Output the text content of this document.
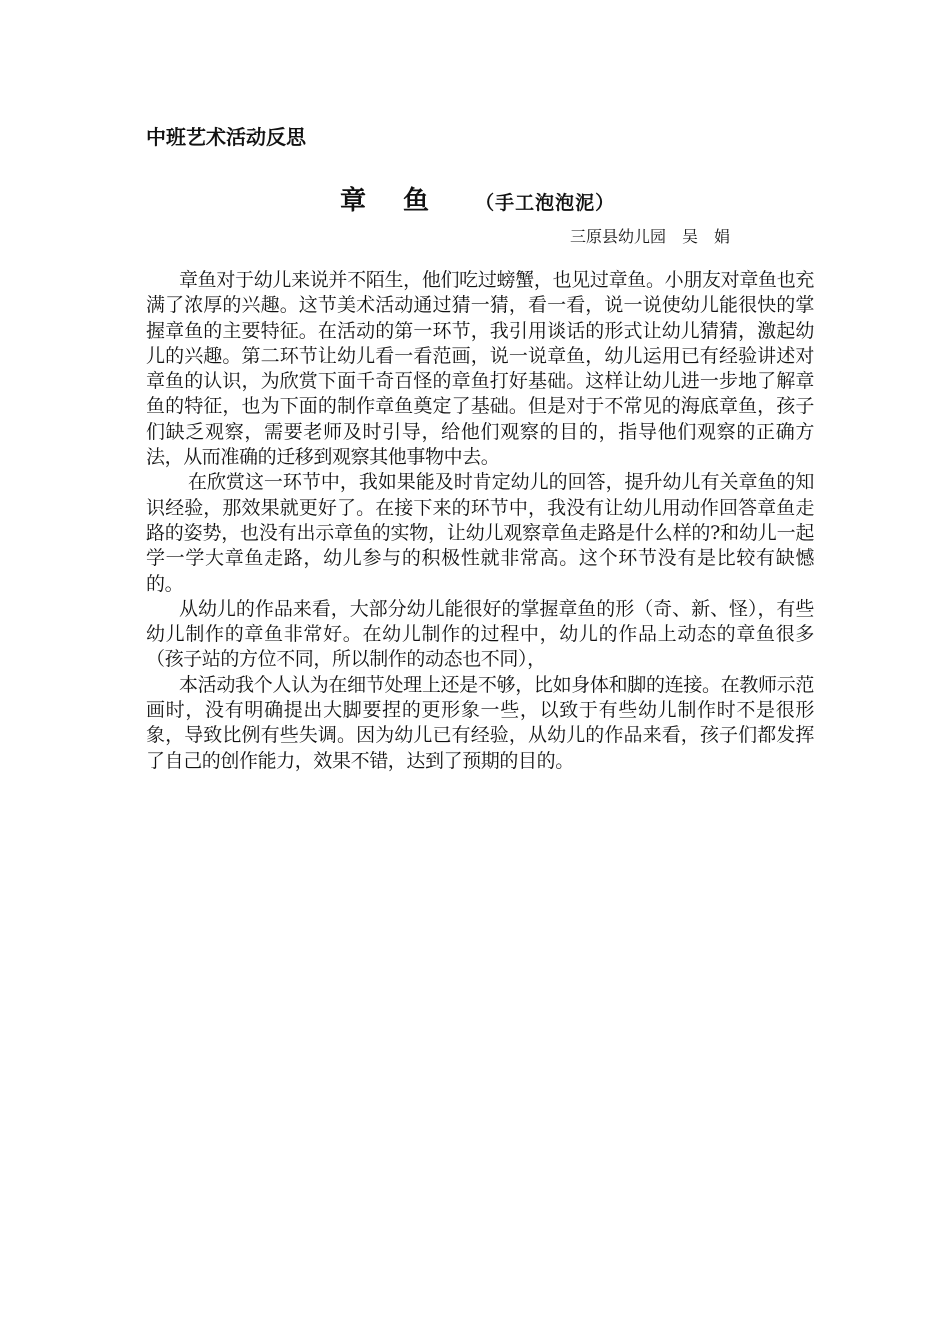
中班艺术活动反思
章 鱼 （手工泡泡泥）
三原县幼儿园　吴　娟

章鱼对于幼儿来说并不陌生，他们吃过螃蟹，也见过章鱼。小朋友对章鱼也充满了浓厚的兴趣。这节美术活动通过猜一猜，看一看，说一说使幼儿能很快的掌握章鱼的主要特征。在活动的第一环节，我引用谈话的形式让幼儿猜猜，激起幼儿的兴趣。第二环节让幼儿看一看范画，说一说章鱼，幼儿运用已有经验讲述对章鱼的认识，为欣赏下面千奇百怪的章鱼打好基础。这样让幼儿进一步地了解章鱼的特征，也为下面的制作章鱼奠定了基础。但是对于不常见的海底章鱼，孩子们缺乏观察，需要老师及时引导，给他们观察的目的，指导他们观察的正确方法，从而准确的迁移到观察其他事物中去。

在欣赏这一环节中，我如果能及时肯定幼儿的回答，提升幼儿有关章鱼的知识经验，那效果就更好了。在接下来的环节中，我没有让幼儿用动作回答章鱼走路的姿势，也没有出示章鱼的实物，让幼儿观察章鱼走路是什么样的?和幼儿一起学一学大章鱼走路，幼儿参与的积极性就非常高。这个环节没有是比较有缺憾的。

从幼儿的作品来看，大部分幼儿能很好的掌握章鱼的形（奇、新、怪），有些幼儿制作的章鱼非常好。在幼儿制作的过程中，幼儿的作品上动态的章鱼很多（孩子站的方位不同，所以制作的动态也不同），

本活动我个人认为在细节处理上还是不够，比如身体和脚的连接。在教师示范画时，没有明确提出大脚要捏的更形象一些，以致于有些幼儿制作时不是很形象，导致比例有些失调。因为幼儿已有经验，从幼儿的作品来看，孩子们都发挥了自己的创作能力，效果不错，达到了预期的目的。
